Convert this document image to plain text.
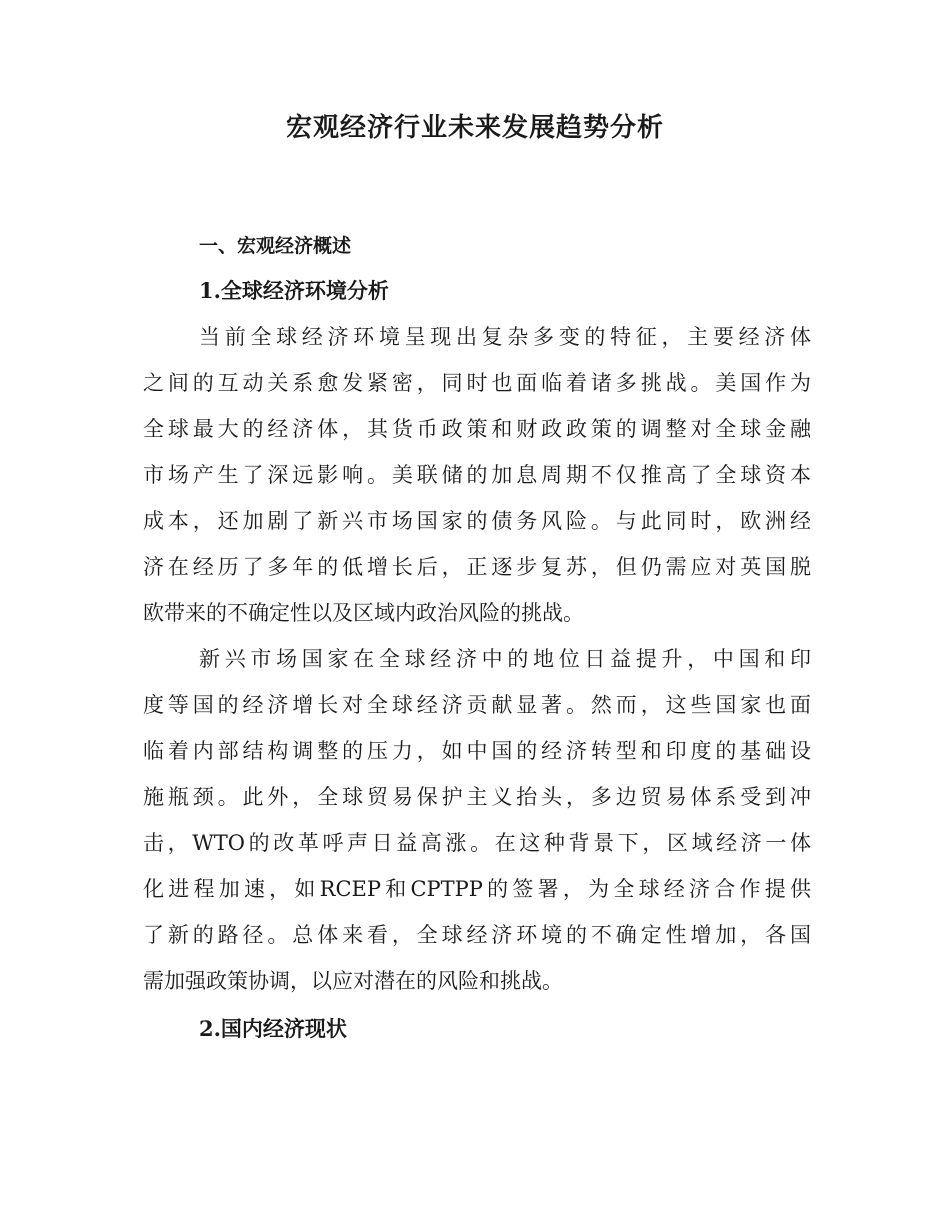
宏观经济行业未来发展趋势分析
一、宏观经济概述
1.全球经济环境分析

当前全球经济环境呈现出复杂多变的特征，主要经济体
之间的互动关系愈发紧密，同时也面临着诸多挑战。美国作为
全球最大的经济体，其货币政策和财政政策的调整对全球金融
市场产生了深远影响。美联储的加息周期不仅推高了全球资本
成本，还加剧了新兴市场国家的债务风险。与此同时，欧洲经
济在经历了多年的低增长后，正逐步复苏，但仍需应对英国脱
欧带来的不确定性以及区域内政治风险的挑战。

新兴市场国家在全球经济中的地位日益提升，中国和印
度等国的经济增长对全球经济贡献显著。然而，这些国家也面
临着内部结构调整的压力，如中国的经济转型和印度的基础设
施瓶颈。此外，全球贸易保护主义抬头，多边贸易体系受到冲
击，WTO的改革呼声日益高涨。在这种背景下，区域经济一体
化进程加速，如RCEP和CPTPP的签署，为全球经济合作提供
了新的路径。总体来看，全球经济环境的不确定性增加，各国
需加强政策协调，以应对潜在的风险和挑战。

2.国内经济现状
